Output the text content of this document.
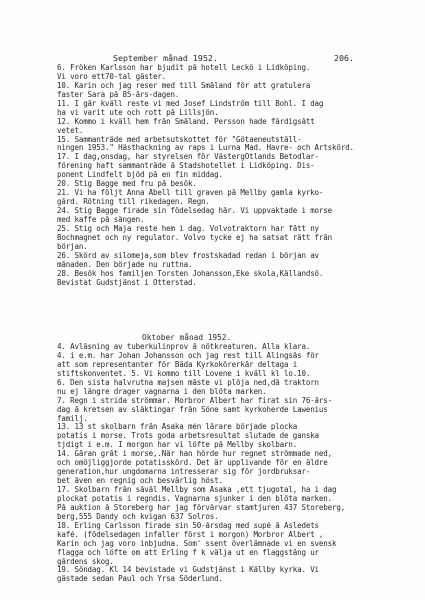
September månad 1952.	206.
6. Fröken Karlsson har bjudit på hotell Leckö i Lidköping.
Vi voro ett70-tal gäster.
10. Karin och jag reser med till Småland för att gratulera
faster Sara på 85-års-dagen.
11. I går kväll reste vi med Josef Lindström till Bohl. I dag
ha vi varit ute och rott på Lillsjön.
12. Kommo i kväll hem från Småland. Persson hade färdigsått
vetet.
15. Sammanträde med arbetsutskottet för "Götaeneutställ-
ningen 1953." Hästhackning av raps i Lurna Mad. Havre- och Ärtskörd.
17. I dag,onsdag, har styrelsen för VästergÖtlands Betodlar-
förening haft sammanträde å Stadshotellet i Lidköping. Dis-
ponent Lindfelt bjöd på en fin middag.
20. Stig Bagge med fru på besök.
21. Vi ha följt Anna Åbell till graven på Mellby gamla kyrko-
gård. Rötning till rikedagen. Regn.
24. Stig Bagge firade sin födelsedag här. Vi uppvaktade i morse
med kaffe på sängen.
25. Stig och Maja reste hem i dag. Volvotraktorn har fått ny
Bochmagnet och ny regulator. Volvo tycke ej ha satsat rätt från
början.
26. Skörd av silomeja,som blev frostskadad redan i början av
månaden. Den började nu ruttna.
28. Besök hos familjen Torsten Johansson,Eke skola,Källandsö.
Bevistat Gudstjänst i Otterstad.
Oktober månad 1952.
4. Avläsning av tuberkulinprov å nötkreaturen. Alla klara.
4. i e.m. har Johan Johansson och jag rest till Alingsås för
att som representanter för Bäda Kyrkokörerkår deltaga i
stiftskonventet. 5. Vi kommo till Lovene i kväll kl lo.10.
6. Den sista halvrutna majsen måste vi plöja ned,då traktorn
nu ej längre drager vagnarna i den blöta marken.
7. Regn i strida strömmar. Morbror Albert har firat sin 76-års-
dag å kretsen av släktingar från Söne samt kyrkoherde Lawenius
familj.
13. 13 st skolbarn från Åsaka mén lärare började plocka
potatis i morse. Trots goda arbetsresultat slutade de ganska
tjdigt i e.m. I morgon har vi löfte på Mellby skolbarn.
14. Gåran gråt i morse,.När han hörde hur regnet strömmade ned,
och omöjliggjorde potatisskörd. Det är upplivande för en äldre
generation,hur ungdomarna intresserar sig för jordbruksar-
bet även en regnig och besvärlig höst.
17. Skolbarn från såväl Mellby som Åsaka ,ett tjugotal, ha i dag
plockat potatis i regndis. Vagnarna sjunker i den blöta marken.
På auktion å Storeberg har jag förvärvar stamtjuren 437 Storeberg,
berg,555 Dandy och kvigan 637 Solros.
18. Erling Carlsson firade sin 50-årsdag med supé å Asledets
kafé. (födelsedagen infaller först i morgon) Morbror Albert ,
Karin och jag voro inbjudna. Som' ssent överlämnade vi en svensk
flagga och löfte om att Erling f k välja ut en flaggstång ur
gårdens skog.
19. Söndag. Kl 14 bevistade vi Gudstjänst i Källby kyrka. Vi
gästade sedan Paul och Yrsa Söderlund.
